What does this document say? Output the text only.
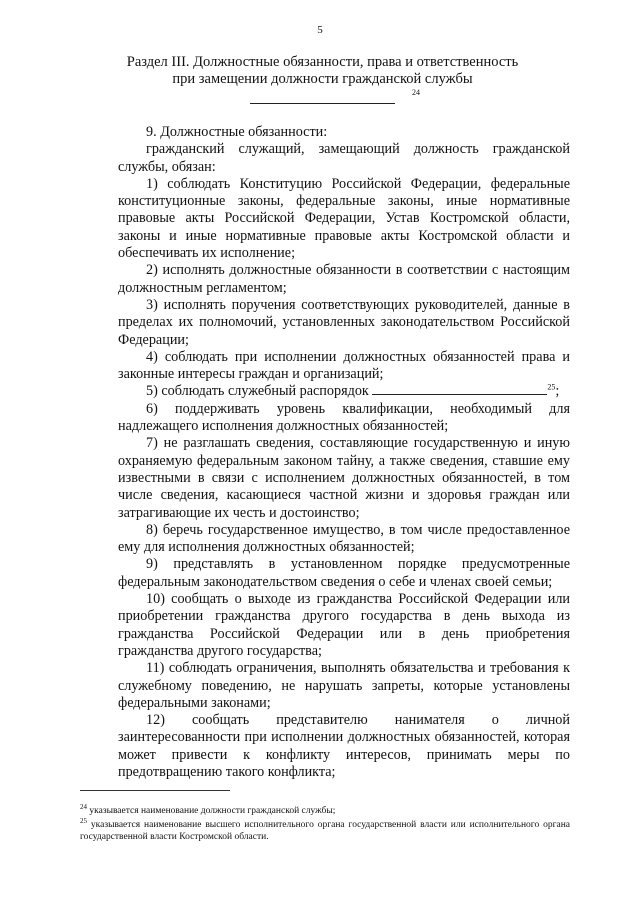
5
Раздел III. Должностные обязанности, права и ответственность
при замещении должности гражданской службы
24

9. Должностные обязанности:

гражданский служащий, замещающий должность гражданской службы, обязан:

1) соблюдать Конституцию Российской Федерации, федеральные конституционные законы, федеральные законы, иные нормативные правовые акты Российской Федерации, Устав Костромской области, законы и иные нормативные правовые акты Костромской области и обеспечивать их исполнение;

2) исполнять должностные обязанности в соответствии с настоящим должностным регламентом;

3) исполнять поручения соответствующих руководителей, данные в пределах их полномочий, установленных законодательством Российской Федерации;

4) соблюдать при исполнении должностных обязанностей права и законные интересы граждан и организаций;

5) соблюдать служебный распорядок	$^{25}$;

6) поддерживать уровень квалификации, необходимый для надлежащего исполнения должностных обязанностей;

7) не разглашать сведения, составляющие государственную и иную охраняемую федеральным законом тайну, а также сведения, ставшие ему известными в связи с исполнением должностных обязанностей, в том числе сведения, касающиеся частной жизни и здоровья граждан или затрагивающие их честь и достоинство;

8) беречь государственное имущество, в том числе предоставленное ему для исполнения должностных обязанностей;

9) представлять в установленном порядке предусмотренные федеральным законодательством сведения о себе и членах своей семьи;

10) сообщать о выходе из гражданства Российской Федерации или приобретении гражданства другого государства в день выхода из гражданства Российской Федерации или в день приобретения гражданства другого государства;

11) соблюдать ограничения, выполнять обязательства и требования к служебному поведению, не нарушать запреты, которые установлены федеральными законами;

12) сообщать представителю нанимателя о личной заинтересованности при исполнении должностных обязанностей, которая может привести к конфликту интересов, принимать меры по предотвращению такого конфликта;

$^{24}$ указывается наименование должности гражданской службы;
$^{25}$ указывается наименование высшего исполнительного органа государственной власти или исполнительного органа государственной власти Костромской области.
